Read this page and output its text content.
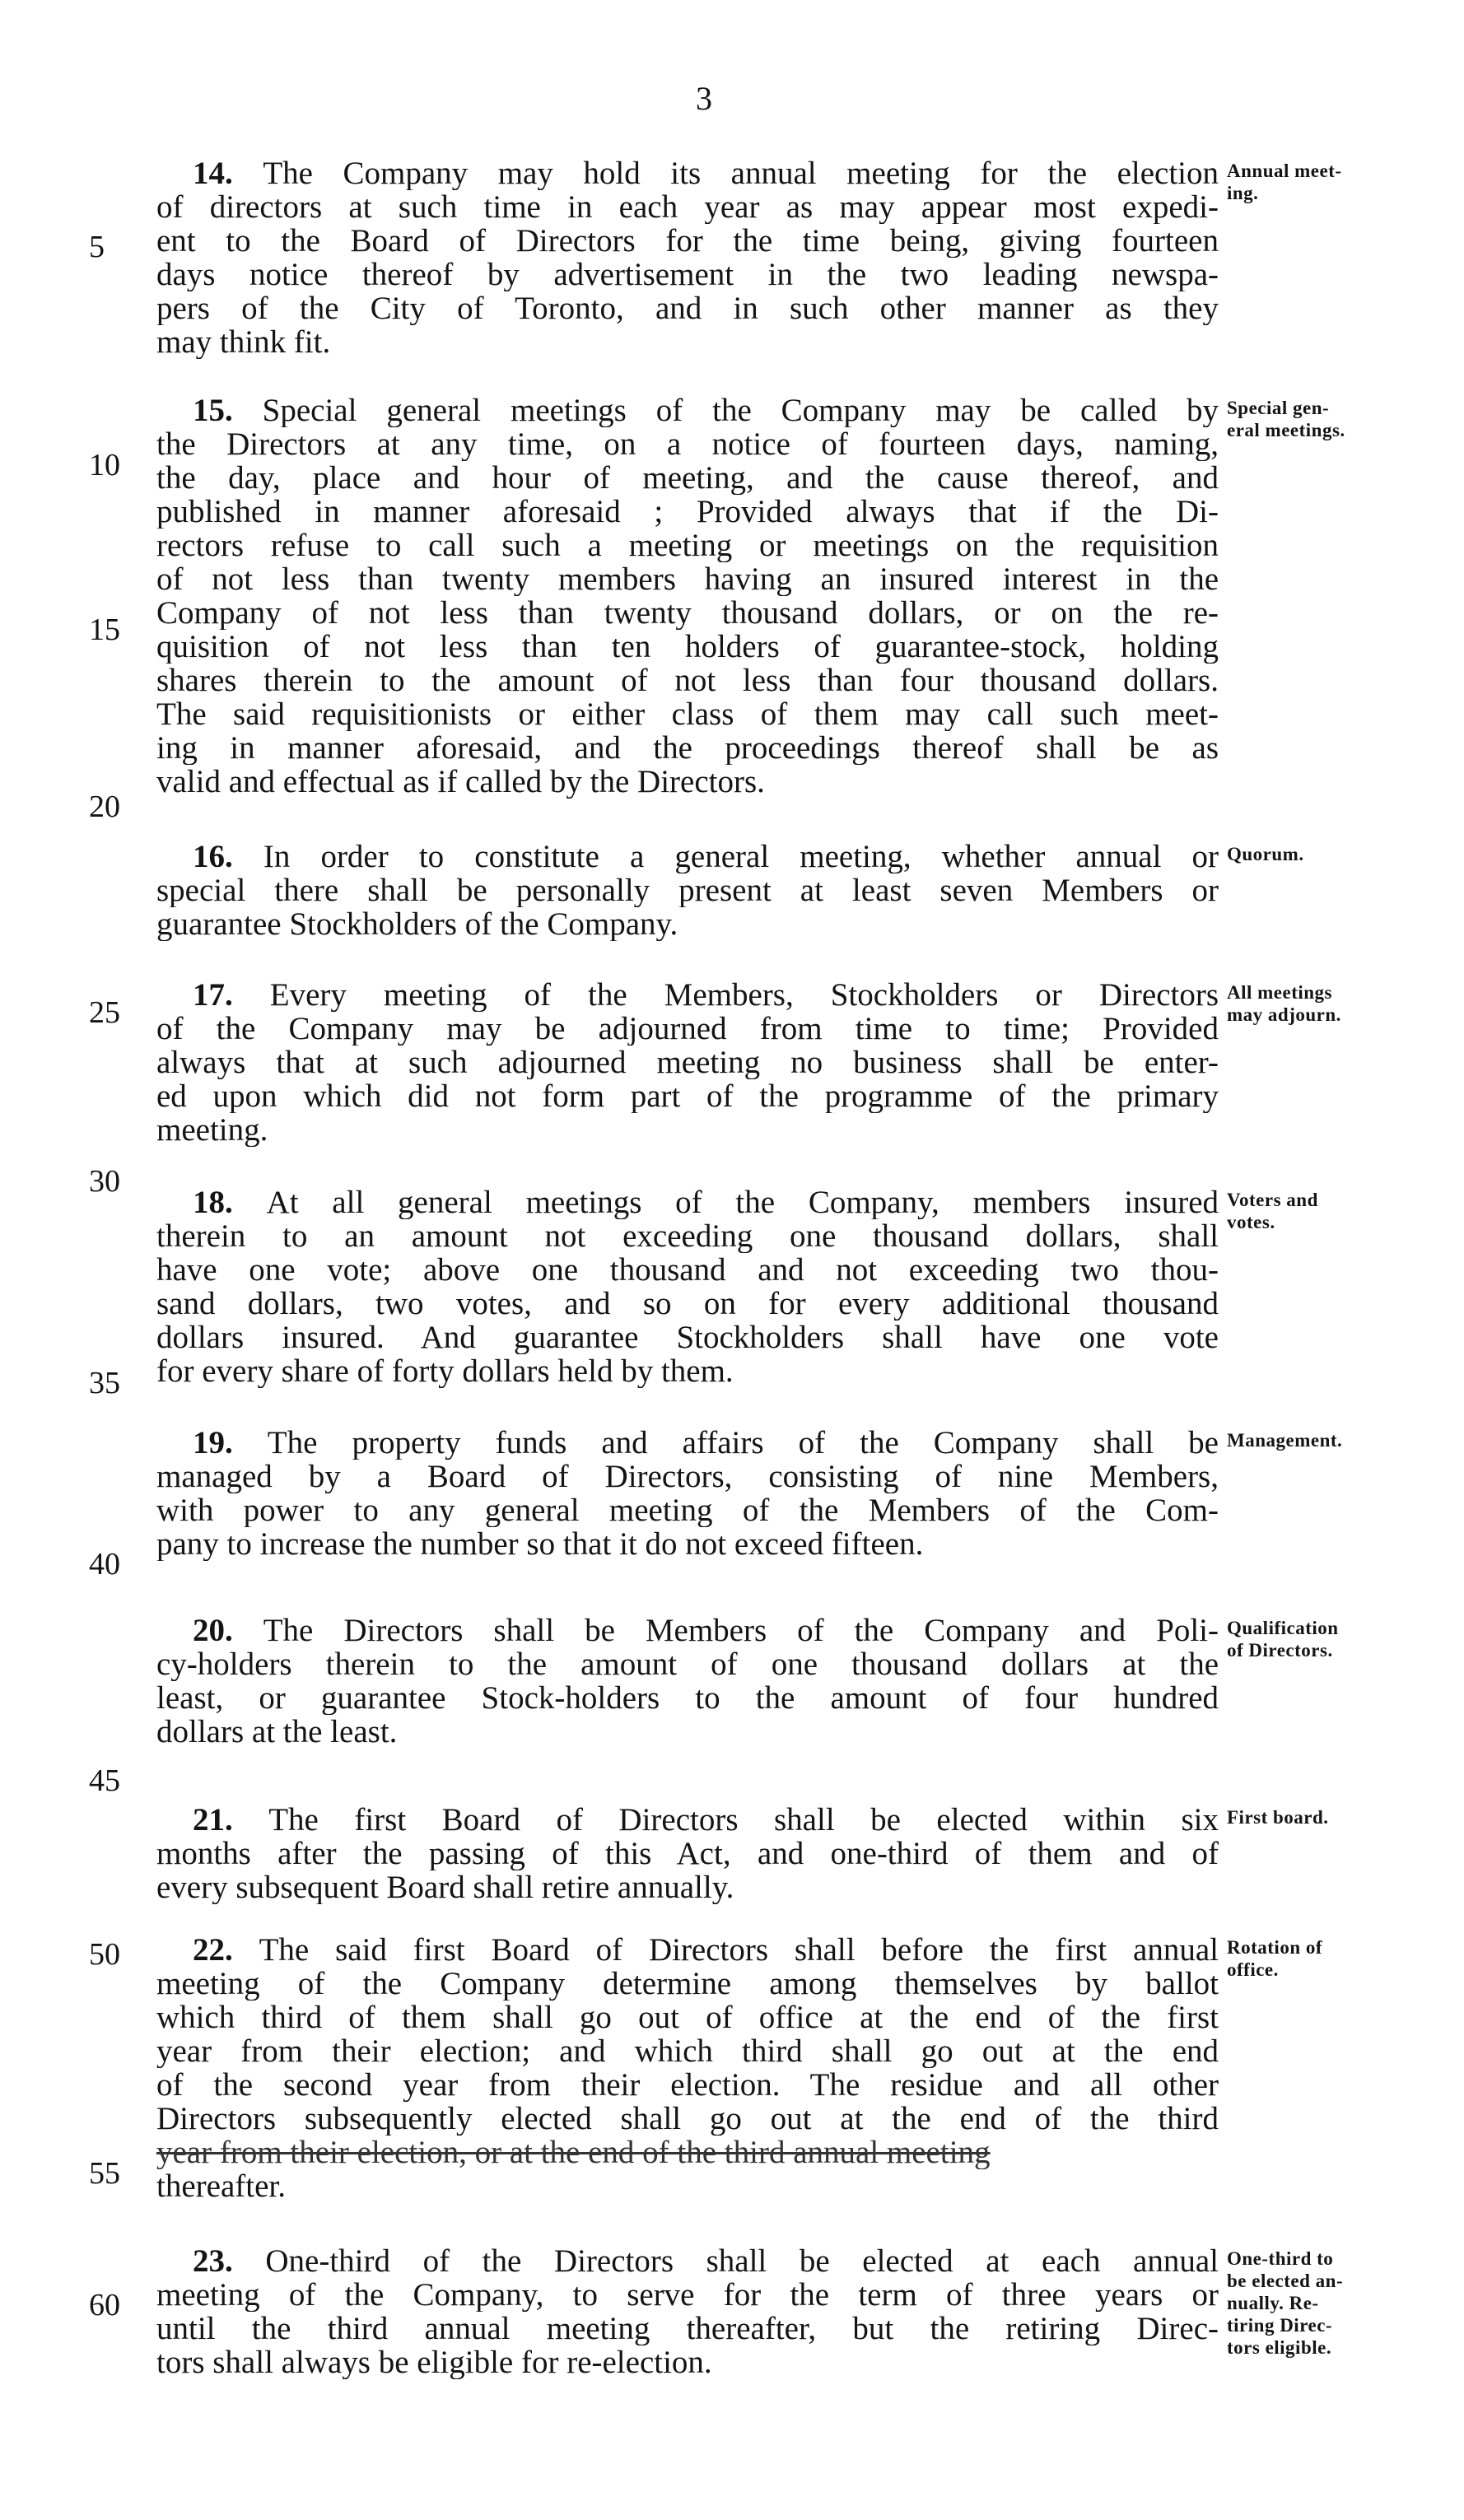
3
14. The Company may hold its annual meeting for the election
of directors at such time in each year as may appear most expedi-
ent to the Board of Directors for the time being, giving fourteen
days notice thereof by advertisement in the two leading newspa-
pers of the City of Toronto, and in such other manner as they
may think fit.
Annual meet-
ing.
15. Special general meetings of the Company may be called by
the Directors at any time, on a notice of fourteen days, naming,
the day, place and hour of meeting, and the cause thereof, and
published in manner aforesaid ; Provided always that if the Di-
rectors refuse to call such a meeting or meetings on the requisition
of not less than twenty members having an insured interest in the
Company of not less than twenty thousand dollars, or on the re-
quisition of not less than ten holders of guarantee-stock, holding
shares therein to the amount of not less than four thousand dollars.
The said requisitionists or either class of them may call such meet-
ing in manner aforesaid, and the proceedings thereof shall be as
valid and effectual as if called by the Directors.
Special gen-
eral meetings.
16. In order to constitute a general meeting, whether annual or
special there shall be personally present at least seven Members or
guarantee Stockholders of the Company.
Quorum.
17. Every meeting of the Members, Stockholders or Directors
of the Company may be adjourned from time to time; Provided
always that at such adjourned meeting no business shall be enter-
ed upon which did not form part of the programme of the primary
meeting.
All meetings
may adjourn.
18. At all general meetings of the Company, members insured
therein to an amount not exceeding one thousand dollars, shall
have one vote; above one thousand and not exceeding two thou-
sand dollars, two votes, and so on for every additional thousand
dollars insured. And guarantee Stockholders shall have one vote
for every share of forty dollars held by them.
Voters and
votes.
19. The property funds and affairs of the Company shall be
managed by a Board of Directors, consisting of nine Members,
with power to any general meeting of the Members of the Com-
pany to increase the number so that it do not exceed fifteen.
Management.
20. The Directors shall be Members of the Company and Poli-
cy-holders therein to the amount of one thousand dollars at the
least, or guarantee Stock-holders to the amount of four hundred
dollars at the least.
Qualification
of Directors.
21. The first Board of Directors shall be elected within six
months after the passing of this Act, and one-third of them and of
every subsequent Board shall retire annually.
First board.
22. The said first Board of Directors shall before the first annual
meeting of the Company determine among themselves by ballot
which third of them shall go out of office at the end of the first
year from their election; and which third shall go out at the end
of the second year from their election. The residue and all other
Directors subsequently elected shall go out at the end of the third
year from their election, or at the end of the third annual meeting
thereafter.
Rotation of
office.
23. One-third of the Directors shall be elected at each annual
meeting of the Company, to serve for the term of three years or
until the third annual meeting thereafter, but the retiring Direc-
tors shall always be eligible for re-election.
One-third to
be elected an-
nually. Re-
tiring Direc-
tors eligible.
5
10
15
20
25
30
35
40
45
50
55
60
